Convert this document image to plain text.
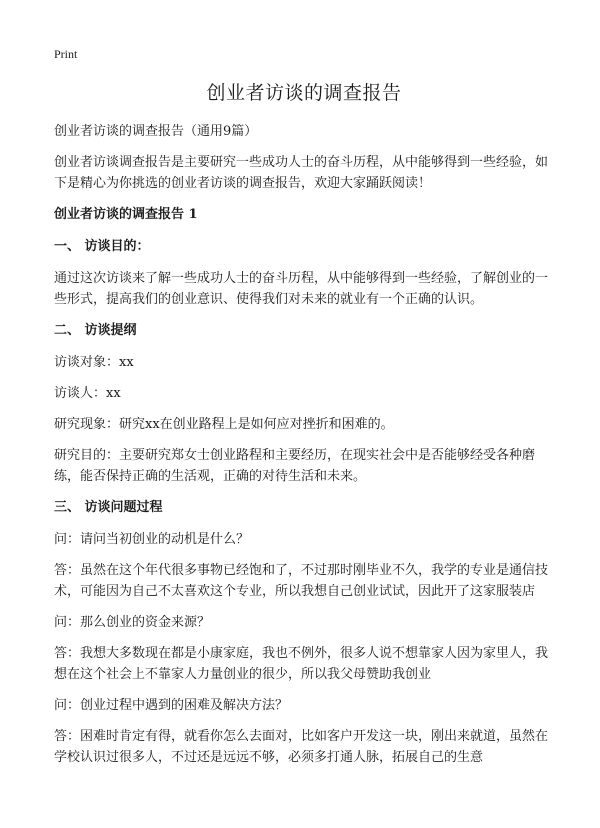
Print
创业者访谈的调查报告

创业者访谈的调查报告（通用9篇）

创业者访谈调查报告是主要研究一些成功人士的奋斗历程，从中能够得到一些经验，如下是精心为你挑选的创业者访谈的调查报告，欢迎大家踊跃阅读！

创业者访谈的调查报告 1

一、 访谈目的：

通过这次访谈来了解一些成功人士的奋斗历程，从中能够得到一些经验，了解创业的一些形式，提高我们的创业意识、使得我们对未来的就业有一个正确的认识。

二、 访谈提纲

访谈对象：xx

访谈人：xx

研究现象：研究xx在创业路程上是如何应对挫折和困难的。

研究目的：主要研究郑女士创业路程和主要经历，在现实社会中是否能够经受各种磨练，能否保持正确的生活观，正确的对待生活和未来。

三、 访谈问题过程

问：请问当初创业的动机是什么？

答：虽然在这个年代很多事物已经饱和了，不过那时刚毕业不久，我学的专业是通信技术，可能因为自己不太喜欢这个专业，所以我想自己创业试试，因此开了这家服装店

问：那么创业的资金来源？

答：我想大多数现在都是小康家庭，我也不例外，很多人说不想靠家人因为家里人，我想在这个社会上不靠家人力量创业的很少，所以我父母赞助我创业

问：创业过程中遇到的困难及解决方法？

答：困难时肯定有得，就看你怎么去面对，比如客户开发这一块，刚出来就道，虽然在学校认识过很多人，不过还是远远不够，必须多打通人脉，拓展自己的生意
